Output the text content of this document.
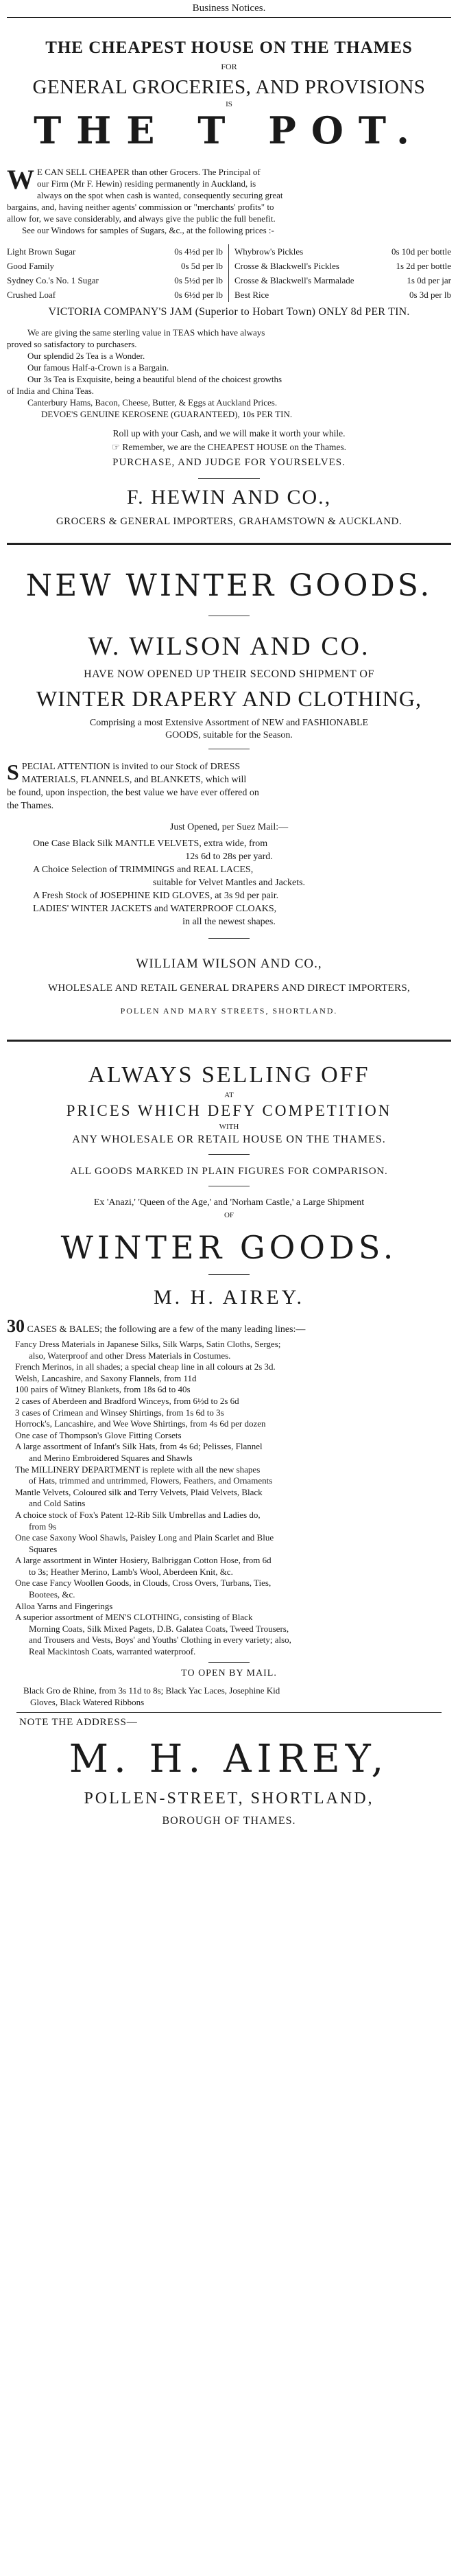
Business Notices.
THE CHEAPEST HOUSE ON THE THAMES
FOR
GENERAL GROCERIES, AND PROVISIONS
IS
THE T POT.
W E CAN SELL CHEAPER than other Grocers. The Principal of
our Firm (Mr F. Hewin) residing permanently in Auckland, is
always on the spot when cash is wanted, consequently securing great
bargains, and, having neither agents' commission or "merchants' profits" to
allow for, we save considerably, and always give the public the full benefit.
See our Windows for samples of Sugars, &c., at the following prices :-
Light Brown Sugar	0s 4½d per lb
Good Family	0s 5d per lb
Sydney Co.'s No. 1 Sugar	0s 5½d per lb
Crushed Loaf	0s 6½d per lb
Whybrow's Pickles	0s 10d per bottle
Crosse & Blackwell's Pickles	1s 2d per bottle
Crosse & Blackwell's Marmalade	1s 0d per jar
Best Rice	0s 3d per lb
VICTORIA COMPANY'S JAM (Superior to Hobart Town) ONLY 8d PER TIN.
We are giving the same sterling value in TEAS which have always
proved so satisfactory to purchasers.
Our splendid 2s Tea is a Wonder.
Our famous Half-a-Crown is a Bargain.
Our 3s Tea is Exquisite, being a beautiful blend of the choicest growths
of India and China Teas.
Canterbury Hams, Bacon, Cheese, Butter, & Eggs at Auckland Prices.
DEVOE'S GENUINE KEROSENE (GUARANTEED), 10s PER TIN.
Roll up with your Cash, and we will make it worth your while.
☞ Remember, we are the CHEAPEST HOUSE on the Thames.
PURCHASE, AND JUDGE FOR YOURSELVES.
F. HEWIN AND CO.,
GROCERS & GENERAL IMPORTERS, GRAHAMSTOWN & AUCKLAND.
NEW WINTER GOODS.
W. WILSON AND CO.
HAVE NOW OPENED UP THEIR SECOND SHIPMENT OF
WINTER DRAPERY AND CLOTHING,
Comprising a most Extensive Assortment of NEW and FASHIONABLE
GOODS, suitable for the Season.
S PECIAL ATTENTION is invited to our Stock of DRESS
MATERIALS, FLANNELS, and BLANKETS, which will
be found, upon inspection, the best value we have ever offered on
the Thames.
Just Opened, per Suez Mail:—
One Case Black Silk MANTLE VELVETS, extra wide, from
12s 6d to 28s per yard.
A Choice Selection of TRIMMINGS and REAL LACES,
suitable for Velvet Mantles and Jackets.
A Fresh Stock of JOSEPHINE KID GLOVES, at 3s 9d per pair.
LADIES' WINTER JACKETS and WATERPROOF CLOAKS,
in all the newest shapes.
WILLIAM WILSON AND CO.,
WHOLESALE AND RETAIL GENERAL DRAPERS AND DIRECT IMPORTERS,
POLLEN AND MARY STREETS, SHORTLAND.
ALWAYS SELLING OFF
AT
PRICES WHICH DEFY COMPETITION
WITH
ANY WHOLESALE OR RETAIL HOUSE ON THE THAMES.
ALL GOODS MARKED IN PLAIN FIGURES FOR COMPARISON.
Ex 'Anazi,' 'Queen of the Age,' and 'Norham Castle,' a Large Shipment
OF
WINTER GOODS.
M. H. AIREY.
30 CASES & BALES; the following are a few of the many leading lines:—
Fancy Dress Materials in Japanese Silks, Silk Warps, Satin Cloths, Serges;
also, Waterproof and other Dress Materials in Costumes.
French Merinos, in all shades; a special cheap line in all colours at 2s 3d.
Welsh, Lancashire, and Saxony Flannels, from 11d
100 pairs of Witney Blankets, from 18s 6d to 40s
2 cases of Aberdeen and Bradford Winceys, from 6½d to 2s 6d
3 cases of Crimean and Winsey Shirtings, from 1s 6d to 3s
Horrock's, Lancashire, and Wee Wove Shirtings, from 4s 6d per dozen
One case of Thompson's Glove Fitting Corsets
A large assortment of Infant's Silk Hats, from 4s 6d; Pelisses, Flannel
and Merino Embroidered Squares and Shawls
The MILLINERY DEPARTMENT is replete with all the new shapes
of Hats, trimmed and untrimmed, Flowers, Feathers, and Ornaments
Mantle Velvets, Coloured silk and Terry Velvets, Plaid Velvets, Black
and Cold Satins
A choice stock of Fox's Patent 12-Rib Silk Umbrellas and Ladies do,
from 9s
One case Saxony Wool Shawls, Paisley Long and Plain Scarlet and Blue
Squares
A large assortment in Winter Hosiery, Balbriggan Cotton Hose, from 6d
to 3s; Heather Merino, Lamb's Wool, Aberdeen Knit, &c.
One case Fancy Woollen Goods, in Clouds, Cross Overs, Turbans, Ties,
Bootees, &c.
Alloa Yarns and Fingerings
A superior assortment of MEN'S CLOTHING, consisting of Black
Morning Coats, Silk Mixed Pagets, D.B. Galatea Coats, Tweed Trousers,
and Trousers and Vests, Boys' and Youths' Clothing in every variety; also,
Real Mackintosh Coats, warranted waterproof.
TO OPEN BY MAIL.
Black Gro de Rhine, from 3s 11d to 8s; Black Yac Laces, Josephine Kid
Gloves, Black Watered Ribbons
NOTE THE ADDRESS—
M. H. AIREY,
POLLEN-STREET, SHORTLAND,
BOROUGH OF THAMES.
